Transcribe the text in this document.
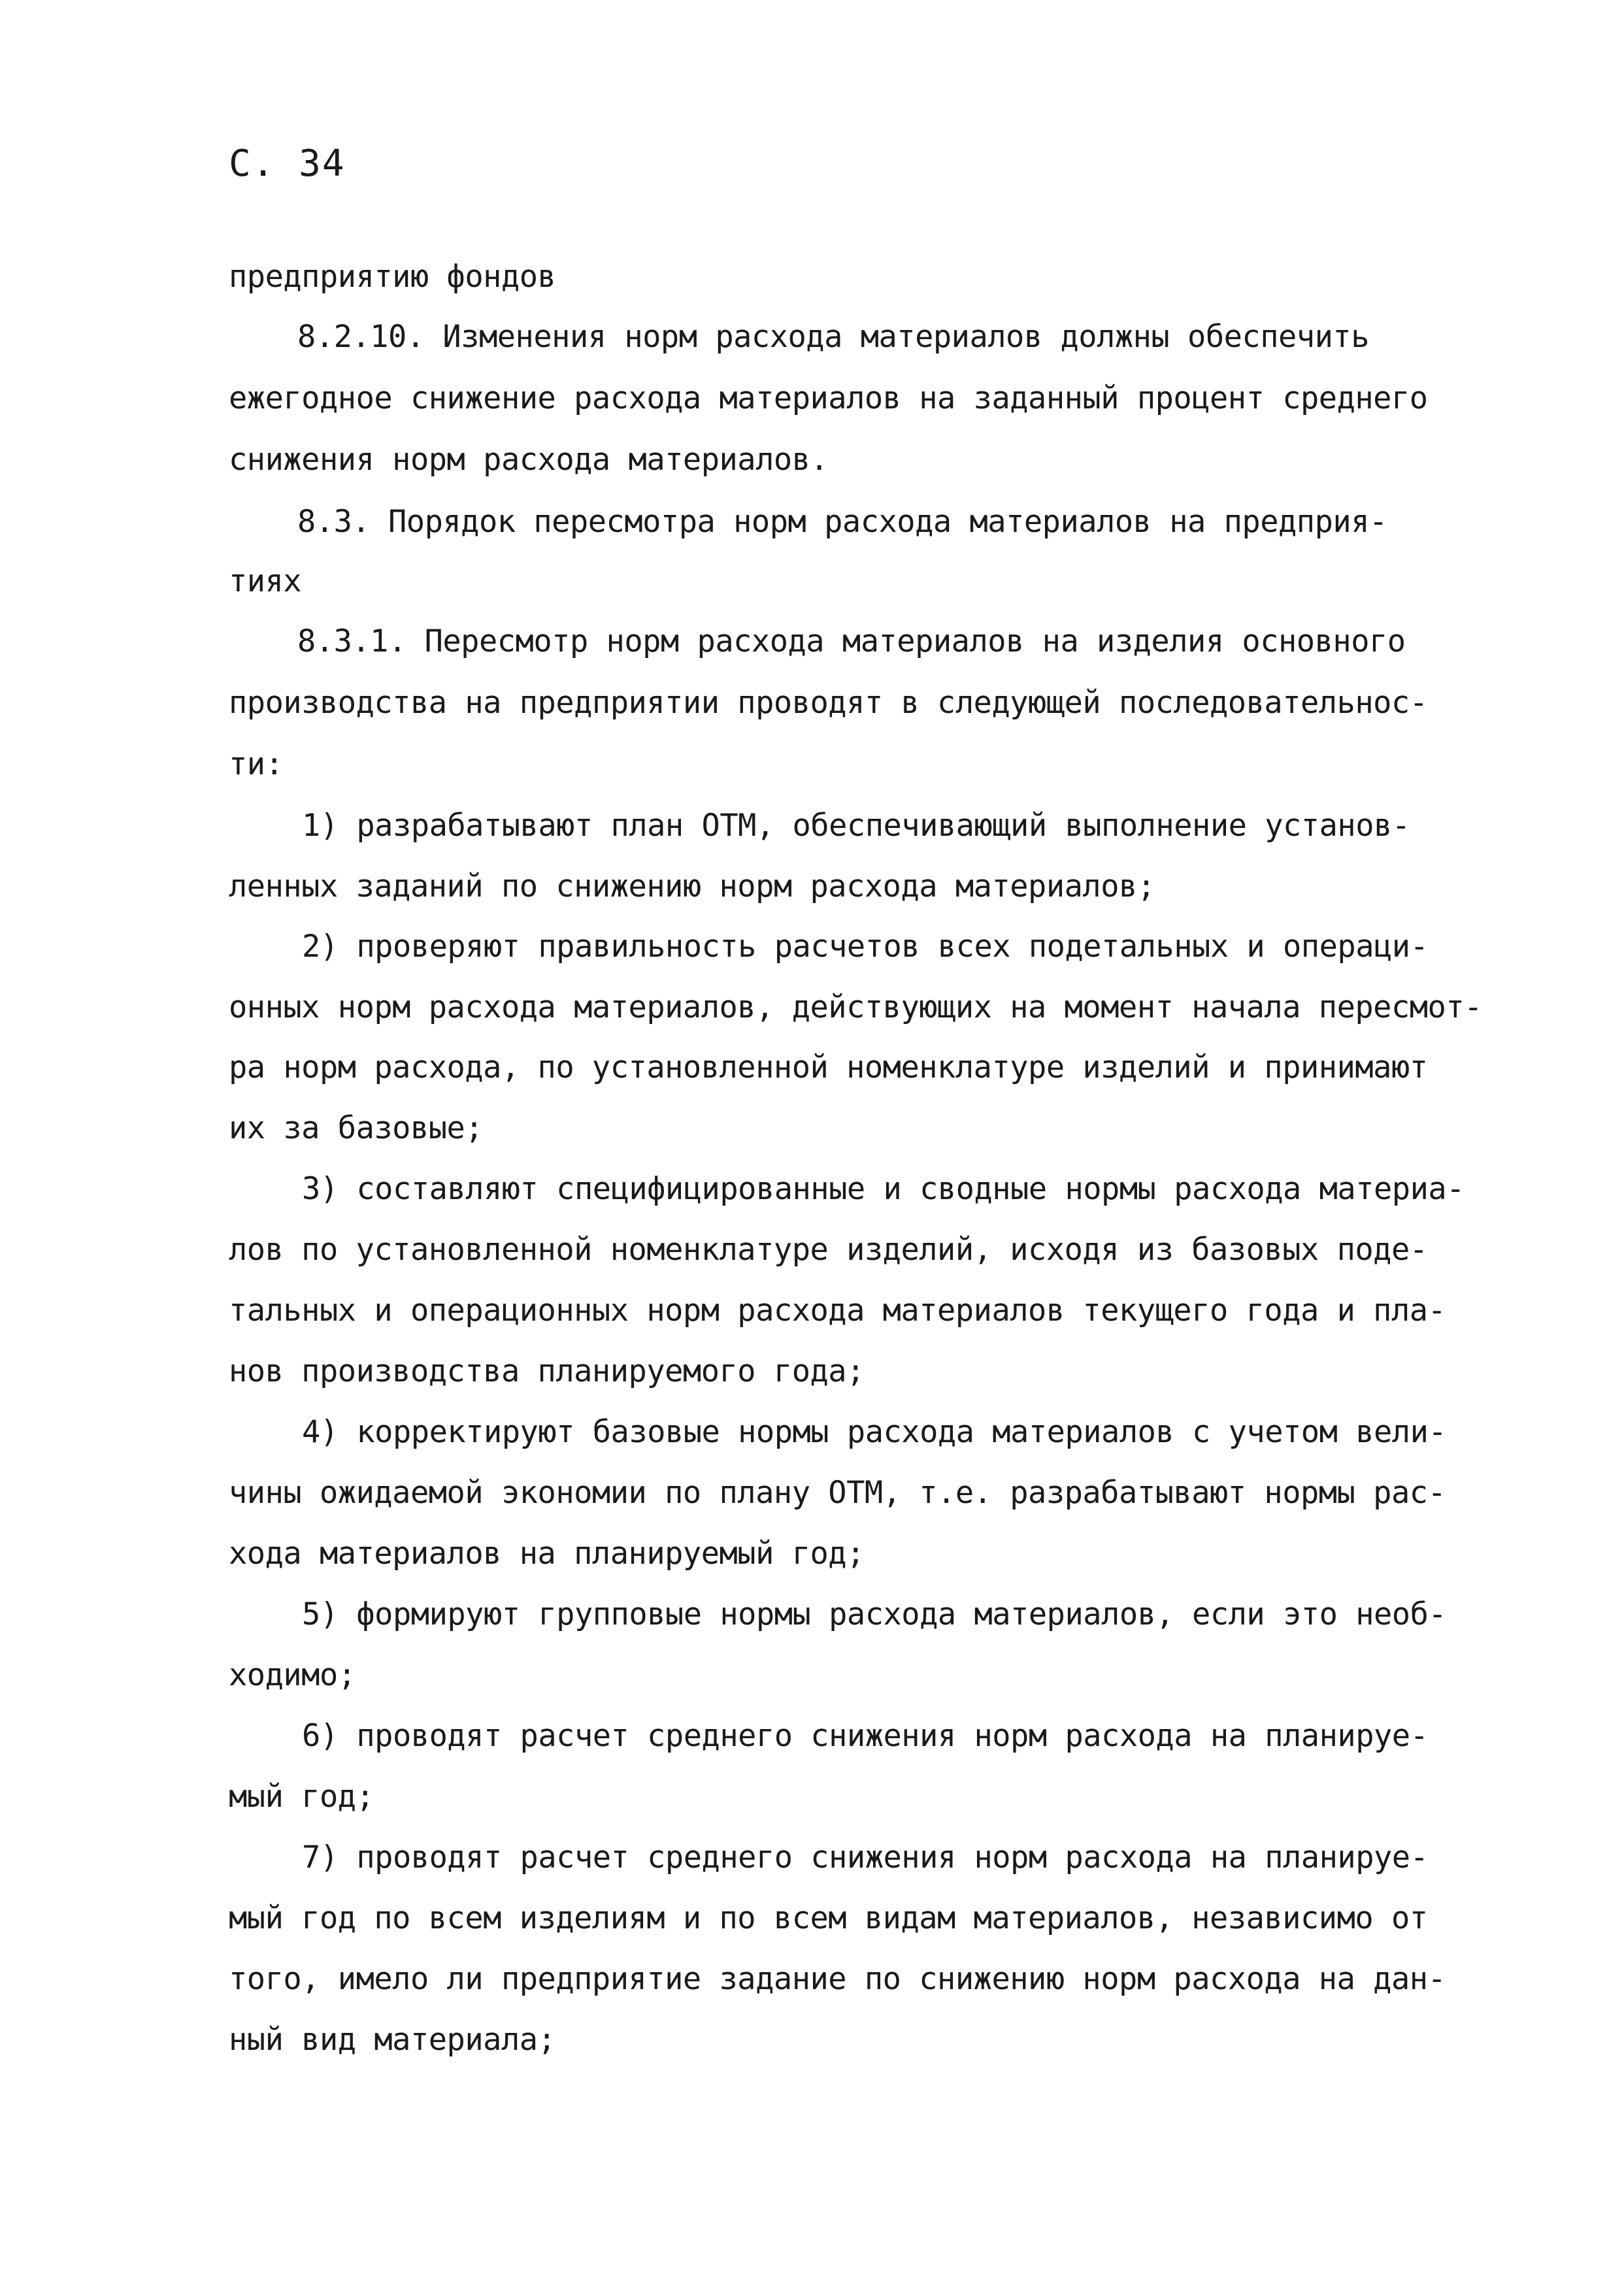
С. 34
предприятию фондов
8.2.10. Изменения норм расхода материалов должны обеспечить
ежегодное снижение расхода материалов на заданный процент среднего
снижения норм расхода материалов.
8.3. Порядок пересмотра норм расхода материалов на предприя-
тиях
8.3.1. Пересмотр норм расхода материалов на изделия основного
производства на предприятии проводят в следующей последовательнос-
ти:
1) разрабатывают план ОТМ, обеспечивающий выполнение установ-
ленных заданий по снижению норм расхода материалов;
2) проверяют правильность расчетов всех подетальных и операци-
онных норм расхода материалов, действующих на момент начала пересмот-
ра норм расхода, по установленной номенклатуре изделий и принимают
их за базовые;
3) составляют специфицированные и сводные нормы расхода материа-
лов по установленной номенклатуре изделий, исходя из базовых поде-
тальных и операционных норм расхода материалов текущего года и пла-
нов производства планируемого года;
4) корректируют базовые нормы расхода материалов с учетом вели-
чины ожидаемой экономии по плану ОТМ, т.е. разрабатывают нормы рас-
хода материалов на планируемый год;
5) формируют групповые нормы расхода материалов, если это необ-
ходимо;
6) проводят расчет среднего снижения норм расхода на планируе-
мый год;
7) проводят расчет среднего снижения норм расхода на планируе-
мый год по всем изделиям и по всем видам материалов, независимо от
того, имело ли предприятие задание по снижению норм расхода на дан-
ный вид материала;
